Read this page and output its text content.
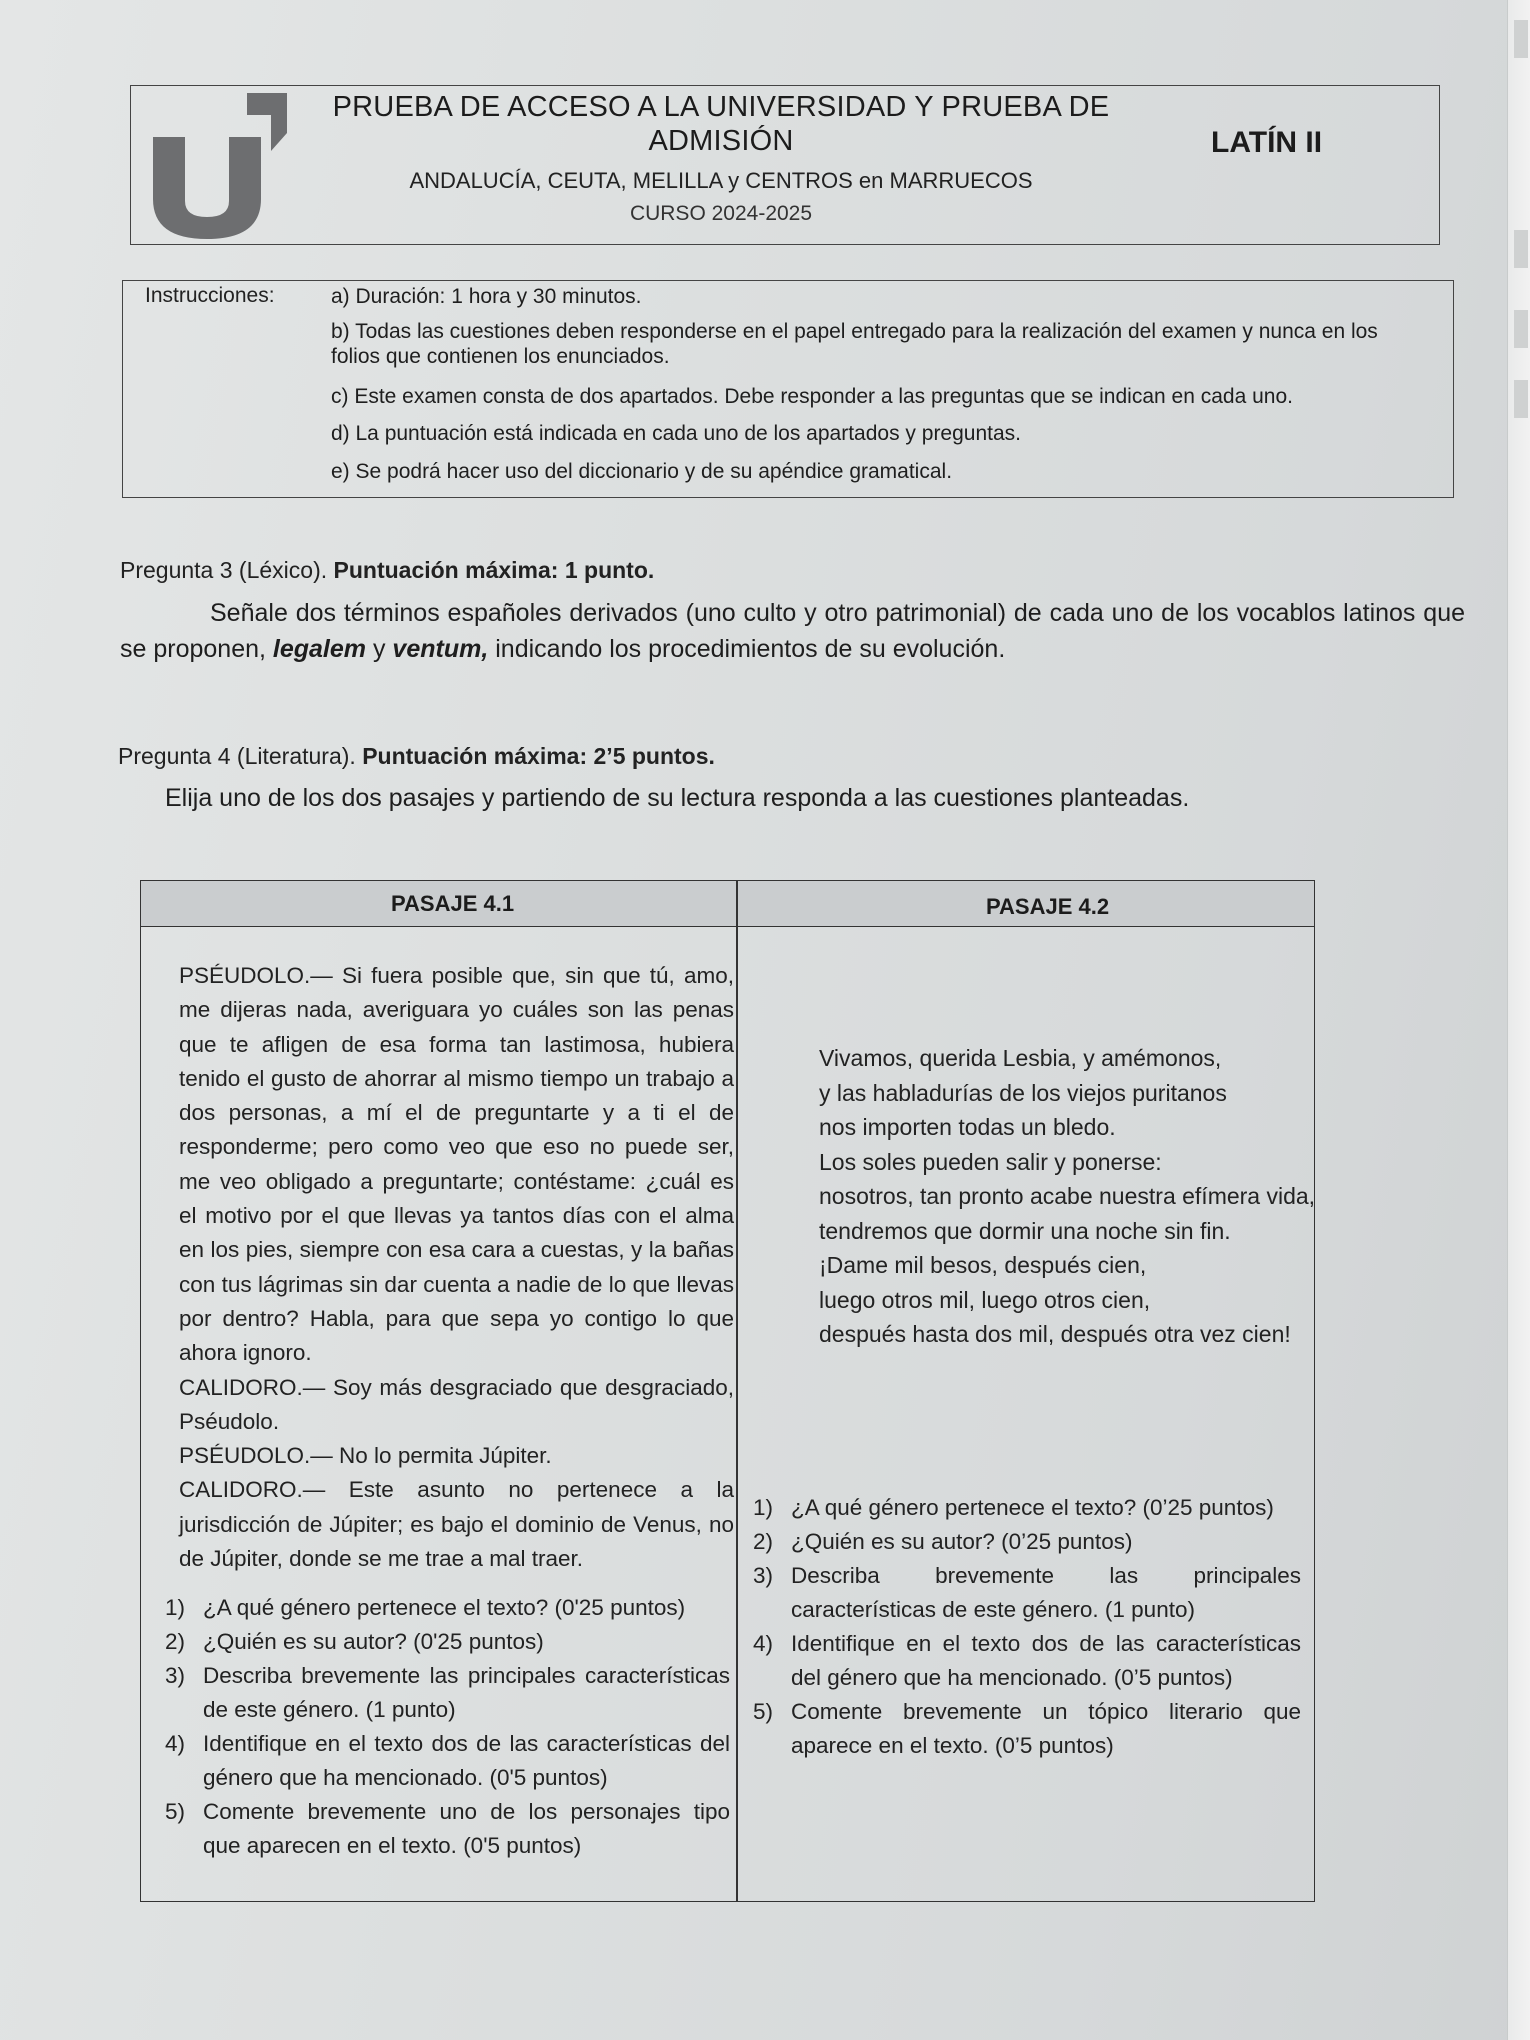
PRUEBA DE ACCESO A LA UNIVERSIDAD Y PRUEBA DE
ADMISIÓN
ANDALUCÍA, CEUTA, MELILLA y CENTROS en MARRUECOS
CURSO 2024-2025
LATÍN II
Instrucciones:	a) Duración: 1 hora y 30 minutos.
b) Todas las cuestiones deben responderse en el papel entregado para la realización del examen y nunca en los folios que contienen los enunciados.
c) Este examen consta de dos apartados. Debe responder a las preguntas que se indican en cada uno.
d) La puntuación está indicada en cada uno de los apartados y preguntas.
e) Se podrá hacer uso del diccionario y de su apéndice gramatical.
Pregunta 3 (Léxico). Puntuación máxima: 1 punto.
Señale dos términos españoles derivados (uno culto y otro patrimonial) de cada uno de los vocablos latinos que se proponen, legalem y ventum, indicando los procedimientos de su evolución.
Pregunta 4 (Literatura). Puntuación máxima: 2’5 puntos.
Elija uno de los dos pasajes y partiendo de su lectura responda a las cuestiones planteadas.
PASAJE 4.1	PASAJE 4.2

PSÉUDOLO.— Si fuera posible que, sin que tú, amo, me dijeras nada, averiguara yo cuáles son las penas que te afligen de esa forma tan lastimosa, hubiera tenido el gusto de ahorrar al mismo tiempo un trabajo a dos personas, a mí el de preguntarte y a ti el de responderme; pero como veo que eso no puede ser, me veo obligado a preguntarte; contéstame: ¿cuál es el motivo por el que llevas ya tantos días con el alma en los pies, siempre con esa cara a cuestas, y la bañas con tus lágrimas sin dar cuenta a nadie de lo que llevas por dentro? Habla, para que sepa yo contigo lo que ahora ignoro.

CALIDORO.— Soy más desgraciado que desgraciado, Pséudolo.

PSÉUDOLO.— No lo permita Júpiter.

CALIDORO.— Este asunto no pertenece a la jurisdicción de Júpiter; es bajo el dominio de Venus, no de Júpiter, donde se me trae a mal traer.

1) ¿A qué género pertenece el texto? (0'25 puntos)
2) ¿Quién es su autor? (0'25 puntos)
3) Describa brevemente las principales características de este género. (1 punto)
4) Identifique en el texto dos de las características del género que ha mencionado. (0'5 puntos)
5) Comente brevemente uno de los personajes tipo que aparecen en el texto. (0'5 puntos)
Vivamos, querida Lesbia, y amémonos,
y las habladurías de los viejos puritanos
nos importen todas un bledo.
Los soles pueden salir y ponerse:
nosotros, tan pronto acabe nuestra efímera vida,
tendremos que dormir una noche sin fin.
¡Dame mil besos, después cien,
luego otros mil, luego otros cien,
después hasta dos mil, después otra vez cien!
1) ¿A qué género pertenece el texto? (0’25 puntos)
2) ¿Quién es su autor? (0’25 puntos)
3) Describa brevemente las principales características de este género. (1 punto)
4) Identifique en el texto dos de las características del género que ha mencionado. (0’5 puntos)
5) Comente brevemente un tópico literario que aparece en el texto. (0’5 puntos)
